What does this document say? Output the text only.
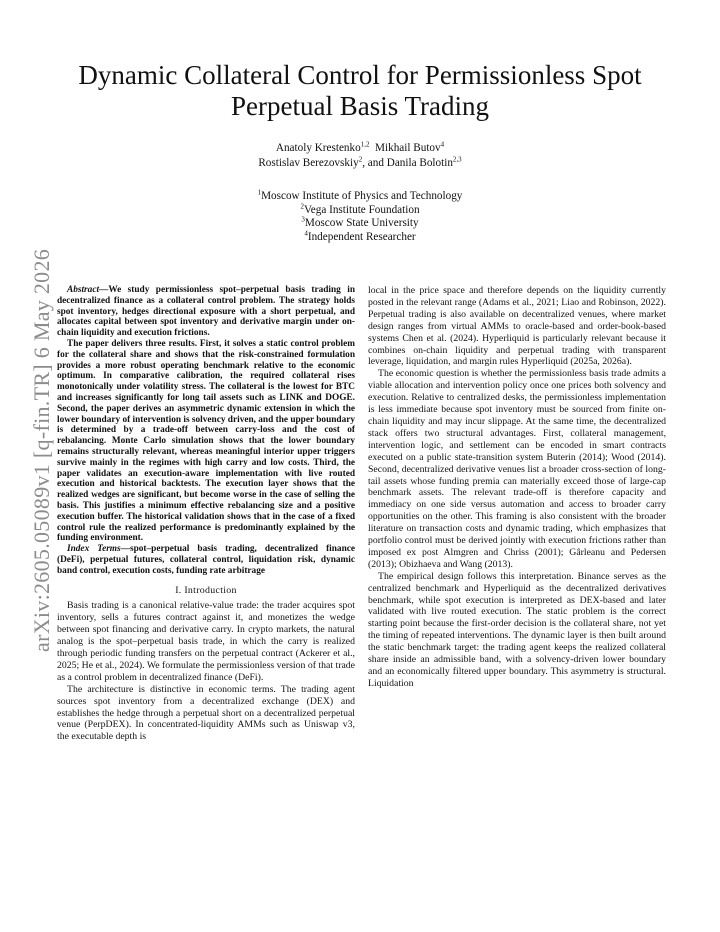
Dynamic Collateral Control for Permissionless Spot Perpetual Basis Trading
Anatoly Krestenko$^{1,2}$ Mikhail Butov$^4$
Rostislav Berezovskiy$^2$, and Danila Bolotin$^{2,3}$
$^1$Moscow Institute of Physics and Technology
$^2$Vega Institute Foundation
$^3$Moscow State University
$^4$Independent Researcher
arXiv:2605.05089v1 [q-fin.TR] 6 May 2026	Abstract—We study permissionless spot–perpetual basis trading in decentralized finance as a collateral control problem. The strategy holds spot inventory, hedges directional exposure with a short perpetual, and allocates capital between spot inventory and derivative margin under on-chain liquidity and execution frictions.

The paper delivers three results. First, it solves a static control problem for the collateral share and shows that the risk-constrained formulation provides a more robust operating benchmark relative to the economic optimum. In comparative calibration, the required collateral rises monotonically under volatility stress. The collateral is the lowest for BTC and increases significantly for long tail assets such as LINK and DOGE. Second, the paper derives an asymmetric dynamic extension in which the lower boundary of intervention is solvency driven, and the upper boundary is determined by a trade-off between carry-loss and the cost of rebalancing. Monte Carlo simulation shows that the lower boundary remains structurally relevant, whereas meaningful interior upper triggers survive mainly in the regimes with high carry and low costs. Third, the paper validates an execution-aware implementation with live routed execution and historical backtests. The execution layer shows that the realized wedges are significant, but become worse in the case of selling the basis. This justifies a minimum effective rebalancing size and a positive execution buffer. The historical validation shows that in the case of a fixed control rule the realized performance is predominantly explained by the funding environment.

Index Terms—spot–perpetual basis trading, decentralized finance (DeFi), perpetual futures, collateral control, liquidation risk, dynamic band control, execution costs, funding rate arbitrage

I. Introduction

Basis trading is a canonical relative-value trade: the trader acquires spot inventory, sells a futures contract against it, and monetizes the wedge between spot financing and derivative carry. In crypto markets, the natural analog is the spot–perpetual basis trade, in which the carry is realized through periodic funding transfers on the perpetual contract (Ackerer et al., 2025; He et al., 2024). We formulate the permissionless version of that trade as a control problem in decentralized finance (DeFi).

The architecture is distinctive in economic terms. The trading agent sources spot inventory from a decentralized exchange (DEX) and establishes the hedge through a perpetual short on a decentralized perpetual venue (PerpDEX). In concentrated-liquidity AMMs such as Uniswap v3, the executable depth is

local in the price space and therefore depends on the liquidity currently posted in the relevant range (Adams et al., 2021; Liao and Robinson, 2022). Perpetual trading is also available on decentralized venues, where market design ranges from virtual AMMs to oracle-based and order-book-based systems Chen et al. (2024). Hyperliquid is particularly relevant because it combines on-chain liquidity and perpetual trading with transparent leverage, liquidation, and margin rules Hyperliquid (2025a, 2026a).

The economic question is whether the permissionless basis trade admits a viable allocation and intervention policy once one prices both solvency and execution. Relative to centralized desks, the permissionless implementation is less immediate because spot inventory must be sourced from finite on-chain liquidity and may incur slippage. At the same time, the decentralized stack offers two structural advantages. First, collateral management, intervention logic, and settlement can be encoded in smart contracts executed on a public state-transition system Buterin (2014); Wood (2014). Second, decentralized derivative venues list a broader cross-section of long-tail assets whose funding premia can materially exceed those of large-cap benchmark assets. The relevant trade-off is therefore capacity and immediacy on one side versus automation and access to broader carry opportunities on the other. This framing is also consistent with the broader literature on transaction costs and dynamic trading, which emphasizes that portfolio control must be derived jointly with execution frictions rather than imposed ex post Almgren and Chriss (2001); Gârleanu and Pedersen (2013); Obizhaeva and Wang (2013).

The empirical design follows this interpretation. Binance serves as the centralized benchmark and Hyperliquid as the decentralized derivatives benchmark, while spot execution is interpreted as DEX-based and later validated with live routed execution. The static problem is the correct starting point because the first-order decision is the collateral share, not yet the timing of repeated interventions. The dynamic layer is then built around the static benchmark target: the trading agent keeps the realized collateral share inside an admissible band, with a solvency-driven lower boundary and an economically filtered upper boundary. This asymmetry is structural. Liquidation
